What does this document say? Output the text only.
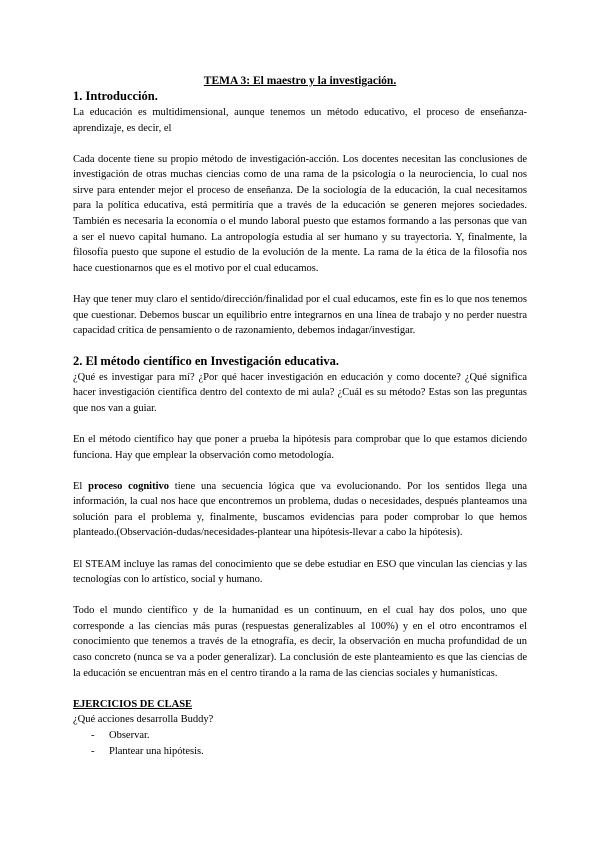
TEMA 3: El maestro y la investigación.
1. Introducción.

La educación es multidimensional, aunque tenemos un método educativo, el proceso de enseñanza-aprendizaje, es decir, el

Cada docente tiene su propio método de investigación-acción. Los docentes necesitan las conclusiones de investigación de otras muchas ciencias como de una rama de la psicología o la neurociencia, lo cual nos sirve para entender mejor el proceso de enseñanza. De la sociología de la educación, la cual necesitamos para la política educativa, está permitiría que a través de la educación se generen mejores sociedades. También es necesaria la economía o el mundo laboral puesto que estamos formando a las personas que van a ser el nuevo capital humano. La antropología estudia al ser humano y su trayectoria. Y, finalmente, la filosofía puesto que supone el estudio de la evolución de la mente. La rama de la ética de la filosofía nos hace cuestionarnos que es el motivo por el cual educamos.

Hay que tener muy claro el sentido/dirección/finalidad por el cual educamos, este fin es lo que nos tenemos que cuestionar. Debemos buscar un equilibrio entre integrarnos en una línea de trabajo y no perder nuestra capacidad crítica de pensamiento o de razonamiento, debemos indagar/investigar.

2. El método científico en Investigación educativa.

¿Qué es investigar para mí? ¿Por qué hacer investigación en educación y como docente? ¿Qué significa hacer investigación científica dentro del contexto de mi aula? ¿Cuál es su método? Estas son las preguntas que nos van a guiar.

En el método científico hay que poner a prueba la hipótesis para comprobar que lo que estamos diciendo funciona. Hay que emplear la observación como metodología.

El proceso cognitivo tiene una secuencia lógica que va evolucionando. Por los sentidos llega una información, la cual nos hace que encontremos un problema, dudas o necesidades, después planteamos una solución para el problema y, finalmente, buscamos evidencias para poder comprobar lo que hemos planteado.(Observación-dudas/necesidades-plantear una hipótesis-llevar a cabo la hipótesis).

El STEAM incluye las ramas del conocimiento que se debe estudiar en ESO que vinculan las ciencias y las tecnologías con lo artístico, social y humano.

Todo el mundo científico y de la humanidad es un continuum, en el cual hay dos polos, uno que corresponde a las ciencias más puras (respuestas generalizables al 100%) y en el otro encontramos el conocimiento que tenemos a través de la etnografía, es decir, la observación en mucha profundidad de un caso concreto (nunca se va a poder generalizar). La conclusión de este planteamiento es que las ciencias de la educación se encuentran más en el centro tirando a la rama de las ciencias sociales y humanísticas.

EJERCICIOS DE CLASE
¿Qué acciones desarrolla Buddy?
- Observar.
- Plantear una hipótesis.
